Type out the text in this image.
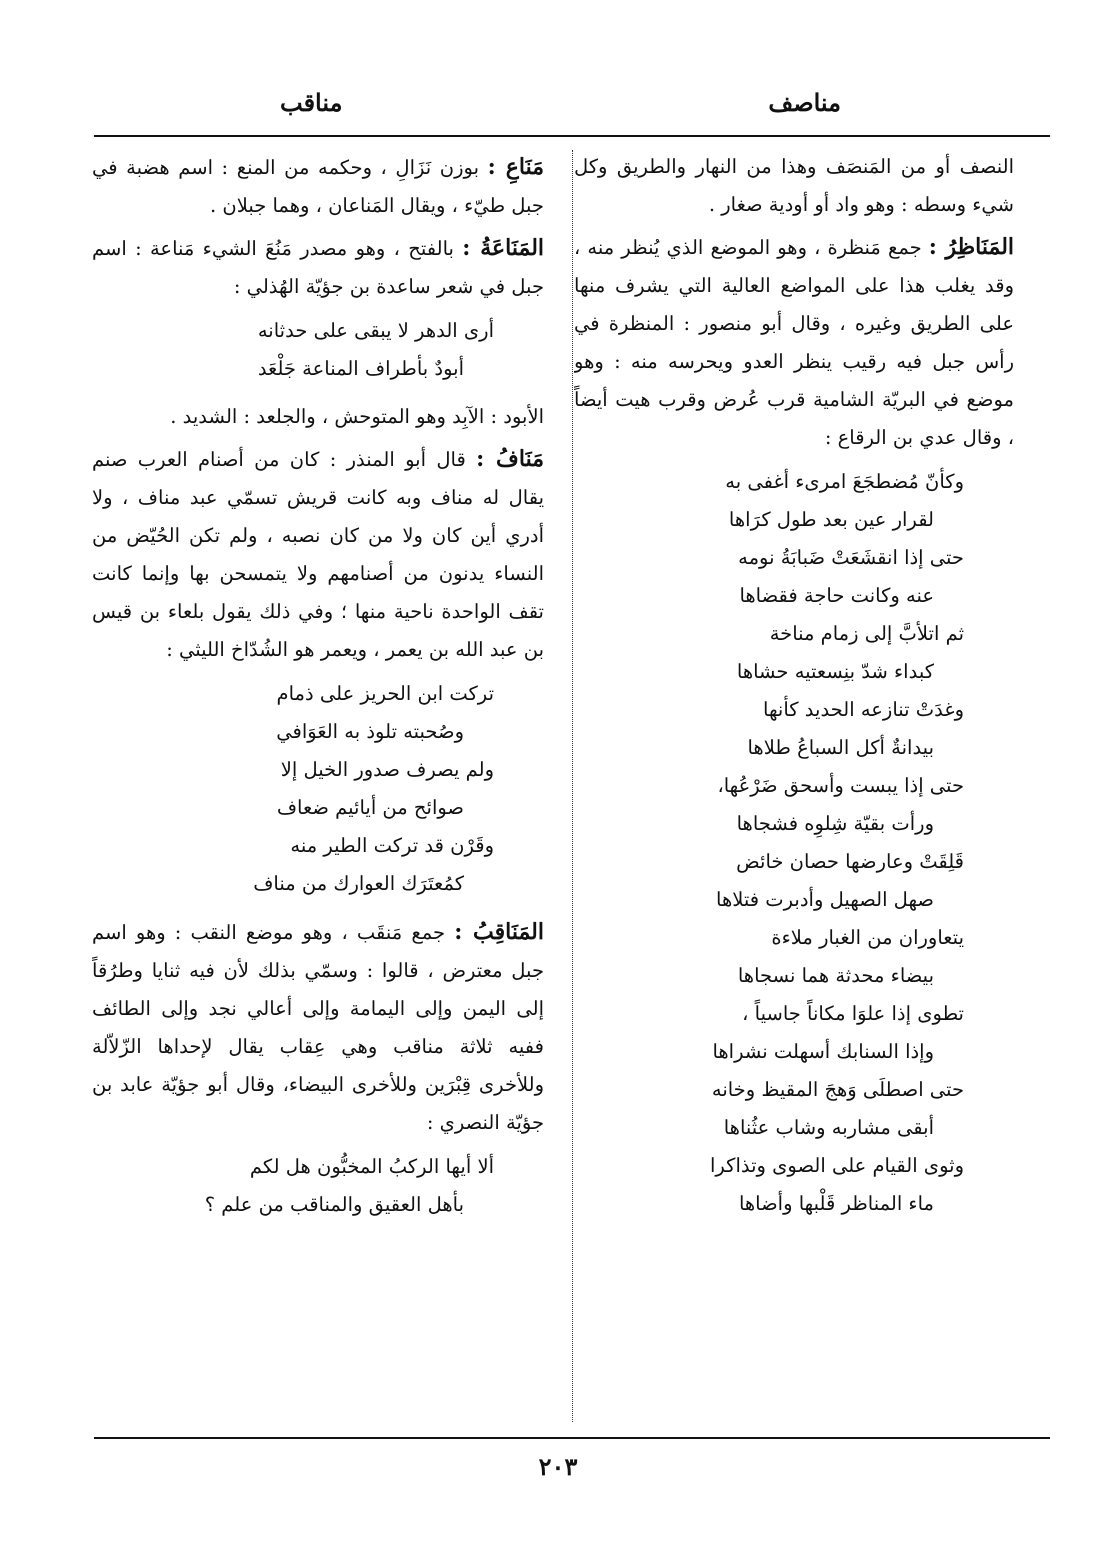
مناصف
مناقب

النصف أو من المَنصَف وهذا من النهار والطريق وكل شيء وسطه : وهو واد أو أودية صغار .

المَنَاظِرُ : جمع مَنظرة ، وهو الموضع الذي يُنظر منه ، وقد يغلب هذا على المواضع العالية التي يشرف منها على الطريق وغيره ، وقال أبو منصور : المنظرة في رأس جبل فيه رقيب ينظر العدو ويحرسه منه : وهو موضع في البريّة الشامية قرب عُرض وقرب هيت أيضاً ، وقال عدي بن الرقاع :

وكأنّ مُضطجَعَ امرىء أغفى به
لقرار عين بعد طول كرَاها
حتى إذا انقشَعَتْ ضَبابَةُ نومه
عنه وكانت حاجة فقضاها
ثم اتلأبَّ إلى زمام مناخة
كبداء شدّ بنِسعتيه حشاها
وغدَتْ تنازعه الحديد كأنها
بيدانةٌ أكل السباعُ طلاها
حتى إذا يبست وأسحق ضَرْعُها،
ورأت بقيّة شِلوِه فشجاها
قَلِقَتْ وعارضها حصان خائض
صهل الصهيل وأدبرت فتلاها
يتعاوران من الغبار ملاءة
بيضاء محدثة هما نسجاها
تطوى إذا علوَا مكاناً جاسياً ،
وإذا السنابك أسهلت نشراها
حتى اصطلَى وَهجَ المقيظ وخانه
أبقى مشاربه وشاب عثُناها
وثوى القيام على الصوى وتذاكرا
ماء المناظر قَلْبها وأضاها

مَنَاعِ : بوزن نَزَالِ ، وحكمه من المنع : اسم هضبة في جبل طيّء ، ويقال المَناعان ، وهما جبلان .

المَنَاعَةُ : بالفتح ، وهو مصدر مَنُعَ الشيء مَناعة : اسم جبل في شعر ساعدة بن جؤيّة الهُذلي :

أرى الدهر لا يبقى على حدثانه
أبودٌ بأطراف المناعة جَلْعَد

الأبود : الآبِد وهو المتوحش ، والجلعد : الشديد .

مَنَافُ : قال أبو المنذر : كان من أصنام العرب صنم يقال له مناف وبه كانت قريش تسمّي عبد مناف ، ولا أدري أين كان ولا من كان نصبه ، ولم تكن الحُيّض من النساء يدنون من أصنامهم ولا يتمسحن بها وإنما كانت تقف الواحدة ناحية منها ؛ وفي ذلك يقول بلعاء بن قيس بن عبد الله بن يعمر ، ويعمر هو الشُدّاخ الليثي :

تركت ابن الحريز على ذمام
وصُحبته تلوذ به العَوَافي
ولم يصرف صدور الخيل إلا
صوائح من أيائيم ضعاف
وقَرْن قد تركت الطير منه
كمُعتَرَك العوارك من مناف

المَنَاقِبُ : جمع مَنقَب ، وهو موضع النقب : وهو اسم جبل معترض ، قالوا : وسمّي بذلك لأن فيه ثنايا وطرُقاً إلى اليمن وإلى اليمامة وإلى أعالي نجد وإلى الطائف ففيه ثلاثة مناقب وهي عِقاب يقال لإحداها الزّلاّلة وللأخرى قِبْرَين وللأخرى البيضاء، وقال أبو جؤيّة عابد بن جؤيّة النصري :

ألا أيها الركبُ المخبُّون هل لكم
بأهل العقيق والمناقب من علم ؟
٢٠٣
